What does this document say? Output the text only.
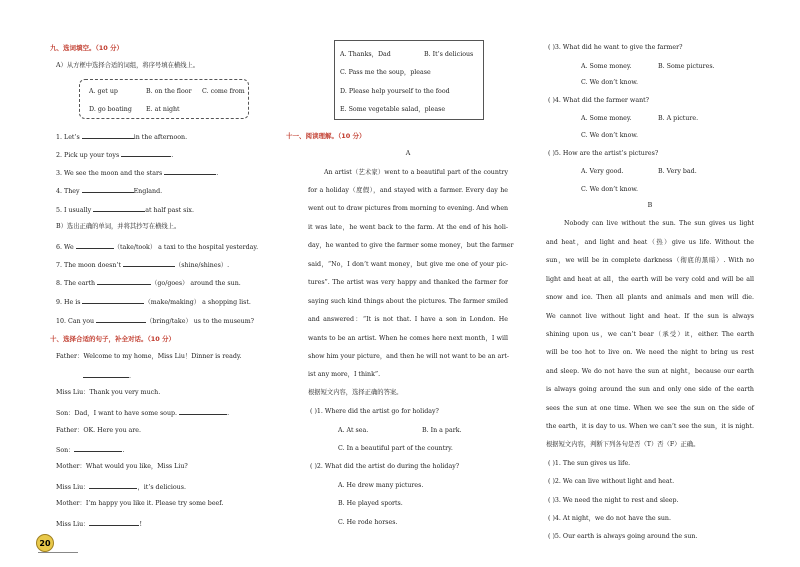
九、选词填空。（10 分）
A）从方框中选择合适的词组，将序号填在横线上。
A. get up	B. on the floor C. come from
D. go boating E. at night
1. Let’s	in the afternoon.
2. Pick up your toys	.
3. We see the moon and the stars	.
4. They	England.
5. I usually	at half past six.
B）选出正确的单词，并将其抄写在横线上。
6. We	（take/took） a taxi to the hospital yesterday.
7. The moon doesn’t	（shine/shines）.
8. The earth	（go/goes） around the sun.
9. He is	（make/making） a shopping list.
10. Can you	（bring/take） us to the museum?
十、选择合适的句子，补全对话。（10 分）
Father：Welcome to my home，Miss Liu！Dinner is ready.
.
Miss Liu：Thank you very much.
Son：Dad，I want to have some soup.	.
Father：OK. Here you are.
Son：	.
Mother：What would you like，Miss Liu?
Miss Liu：	，it’s delicious.
Mother：I’m happy you like it. Please try some beef.
Miss Liu：	!
A. Thanks，Dad	B. It’s delicious
C. Pass me the soup，please
D. Please help yourself to the food
E. Some vegetable salad，please
十一、阅读理解。（10 分）
A
An artist（艺术家）went to a beautiful part of the country
for a holiday（度假），and stayed with a farmer. Every day he
went out to draw pictures from morning to evening. And when
it was late，he went back to the farm. At the end of his holi-
day，he wanted to give the farmer some money，but the farmer
said，“No，I don’t want money，but give me one of your pic-
tures”. The artist was very happy and thanked the farmer for
saying such kind things about the pictures. The farmer smiled
and answered：“It is not that. I have a son in London. He
wants to be an artist. When he comes here next month，I will
show him your picture，and then he will not want to be an art-
ist any more，I think”.
根据短文内容，选择正确的答案。
( )1. Where did the artist go for holiday?
A. At sea.	B. In a park.
C. In a beautiful part of the country.
( )2. What did the artist do during the holiday?
A. He drew many pictures.
B. He played sports.
C. He rode horses.
( )3. What did he want to give the farmer?
A. Some money.	B. Some pictures.
C. We don’t know.
( )4. What did the farmer want?
A. Some money.	B. A picture.
C. We don’t know.
( )5. How are the artist’s pictures?
A. Very good.	B. Very bad.
C. We don’t know.
B
Nobody can live without the sun. The sun gives us light
and heat，and light and heat（热）give us life. Without the
sun，we will be in complete darkness（彻底的黑暗）. With no
light and heat at all，the earth will be very cold and will be all
snow and ice. Then all plants and animals and men will die.
We cannot live without light and heat. If the sun is always
shining upon us，we can’t bear（承受）it，either. The earth
will be too hot to live on. We need the night to bring us rest
and sleep. We do not have the sun at night，because our earth
is always going around the sun and only one side of the earth
sees the sun at one time. When we see the sun on the side of
the earth，it is day to us. When we can’t see the sun，it is night.
根据短文内容，判断下列各句是否（T）否（F）正确。
( )1. The sun gives us life.
( )2. We can live without light and heat.
( )3. We need the night to rest and sleep.
( )4. At night，we do not have the sun.
( )5. Our earth is always going around the sun.
20
